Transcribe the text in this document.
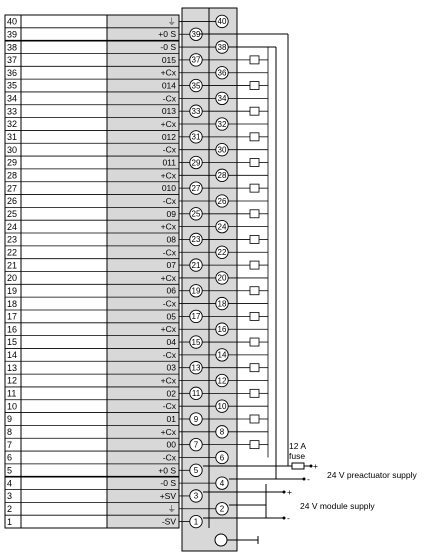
40	⏚	40
39	+0 S 39
38	-0 S	38
37	015 37
36	+Cx	36
35	014 35
34	-Cx	34
33	013 33
32	+Cx	32
31	012 31
30	-Cx	30
29	011 29
28	+Cx	28
27	010 27
26	-Cx	26
25	09 25
24	+Cx	24
23	08 23
22	-Cx	22
21	07 21
20	+Cx	20
19	06 19
18	-Cx	18
17	05 17
16	+Cx	16
15	04 15
14	-Cx	14
13	03 13
12	+Cx	12
11	02 11
10	-Cx	10
9	01 9
8	+Cx	8
7	00 7
6	-Cx	6
5	+0 S 5
4	-0 S	4
3	+SV 3
2	⏚	2
1	-SV 1
12 A
fuse
+
- 24 V preactuator supply
+
24 V module supply
-
